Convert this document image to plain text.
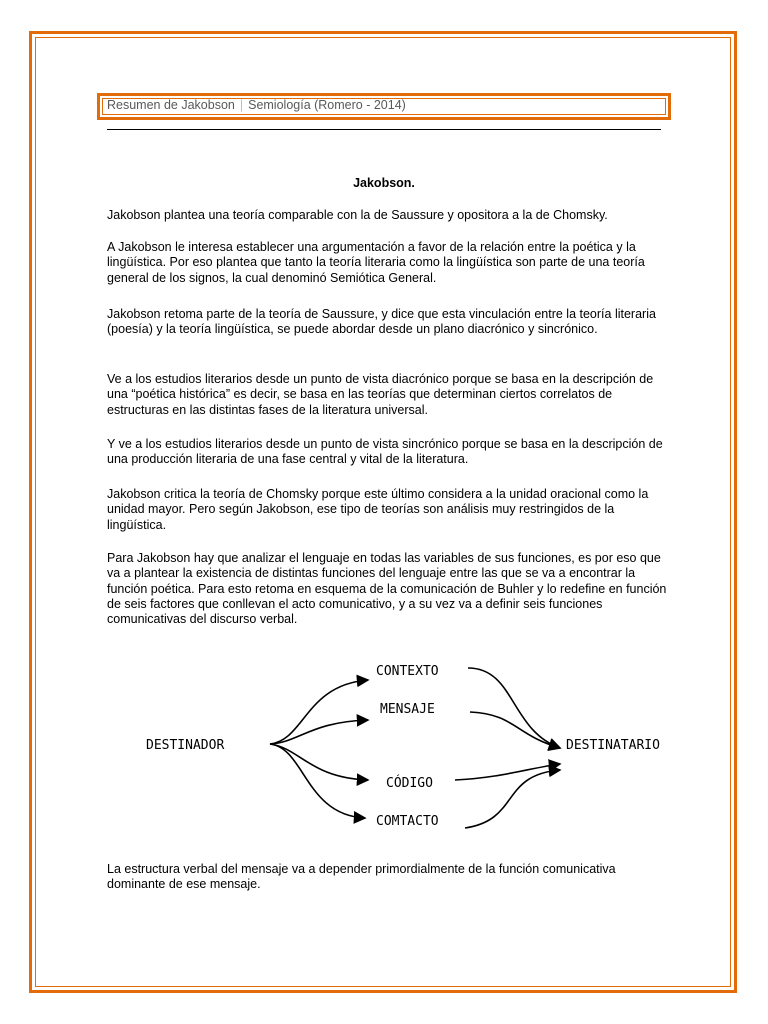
Resumen de Jakobson | Semiología (Romero - 2014)
Jakobson.
Jakobson plantea una teoría comparable con la de Saussure y opositora a la de Chomsky.
A Jakobson le interesa establecer una argumentación a favor de la relación entre la poética y la lingüística. Por eso plantea que tanto la teoría literaria como la lingüística son parte de una teoría general de los signos, la cual denominó Semiótica General.
Jakobson retoma parte de la teoría de Saussure, y dice que esta vinculación entre la teoría literaria (poesía) y la teoría lingüística, se puede abordar desde un plano diacrónico y sincrónico.
Ve a los estudios literarios desde un punto de vista diacrónico porque se basa en la descripción de una “poética histórica” es decir, se basa en las teorías que determinan ciertos correlatos de estructuras en las distintas fases de la literatura universal.
Y ve a los estudios literarios desde un punto de vista sincrónico porque se basa en la descripción de una producción literaria de una fase central y vital de la literatura.
Jakobson critica la teoría de Chomsky porque este último considera a la unidad oracional como la unidad mayor. Pero según Jakobson, ese tipo de teorías son análisis muy restringidos de la lingüística.
Para Jakobson hay que analizar el lenguaje en todas las variables de sus funciones, es por eso que va a plantear la existencia de distintas funciones del lenguaje entre las que se va a encontrar la función poética. Para esto retoma en esquema de la comunicación de Buhler y lo redefine en función de seis factores que conllevan el acto comunicativo, y a su vez va a definir seis funciones comunicativas del discurso verbal.
DESTINADOR	DESTINATARIO
CONTEXTO
MENSAJE
CÓDIGO
COMTACTO
La estructura verbal del mensaje va a depender primordialmente de la función comunicativa dominante de ese mensaje.
